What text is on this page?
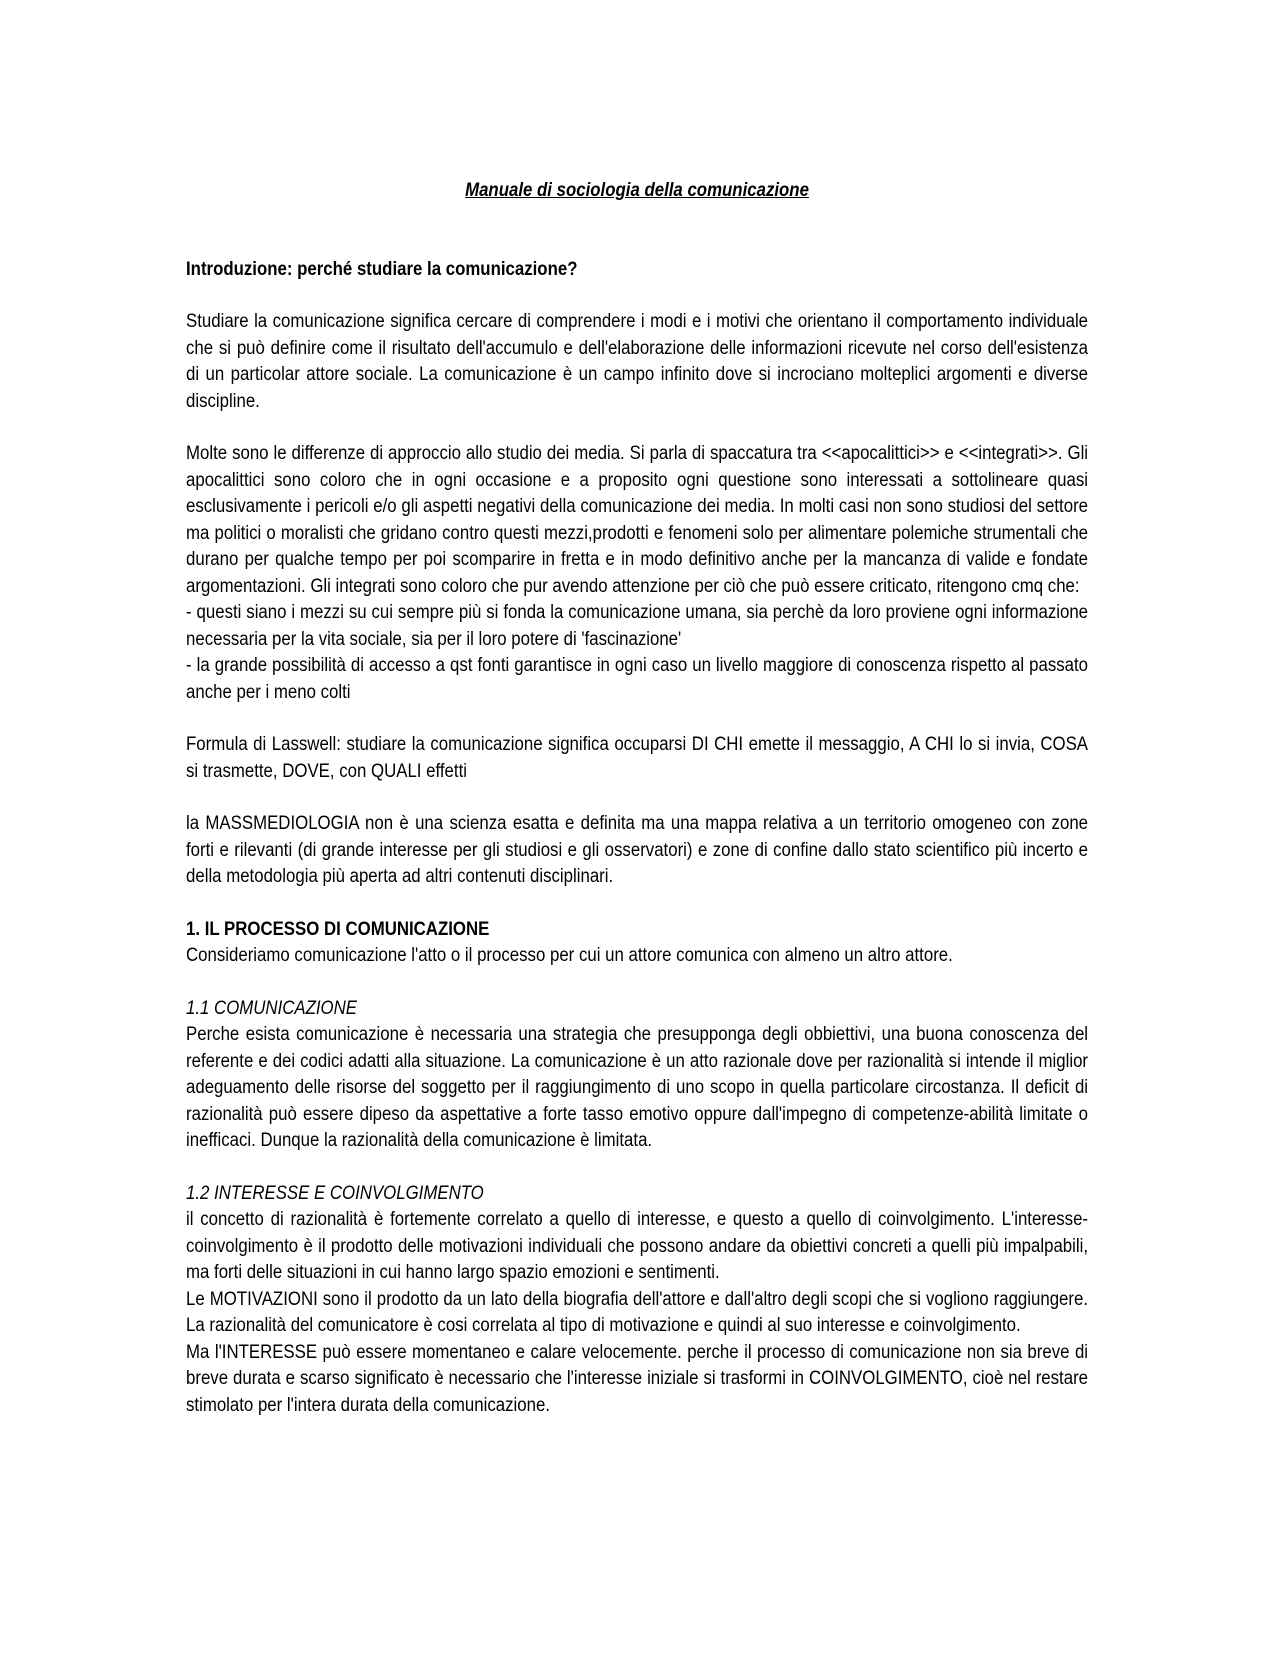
Manuale di sociologia della comunicazione
Introduzione: perché studiare la comunicazione?

Studiare la comunicazione significa cercare di comprendere i modi e i motivi che orientano il comportamento individuale che si può definire come il risultato dell'accumulo e dell'elaborazione delle informazioni ricevute nel corso dell'esistenza di un particolar attore sociale. La comunicazione è un campo infinito dove si incrociano molteplici argomenti e diverse discipline.

Molte sono le differenze di approccio allo studio dei media. Si parla di spaccatura tra <<apocalittici>> e <<integrati>>. Gli apocalittici sono coloro che in ogni occasione e a proposito ogni questione sono interessati a sottolineare quasi esclusivamente i pericoli e/o gli aspetti negativi della comunicazione dei media. In molti casi non sono studiosi del settore ma politici o moralisti che gridano contro questi mezzi,prodotti e fenomeni solo per alimentare polemiche strumentali che durano per qualche tempo per poi scomparire in fretta e in modo definitivo anche per la mancanza di valide e fondate argomentazioni. Gli integrati sono coloro che pur avendo attenzione per ciò che può essere criticato, ritengono cmq che:

- questi siano i mezzi su cui sempre più si fonda la comunicazione umana, sia perchè da loro proviene ogni informazione necessaria per la vita sociale, sia per il loro potere di 'fascinazione'

- la grande possibilità di accesso a qst fonti garantisce in ogni caso un livello maggiore di conoscenza rispetto al passato anche per i meno colti

Formula di Lasswell: studiare la comunicazione significa occuparsi DI CHI emette il messaggio, A CHI lo si invia, COSA si trasmette, DOVE, con QUALI effetti

la MASSMEDIOLOGIA non è una scienza esatta e definita ma una mappa relativa a un territorio omogeneo con zone forti e rilevanti (di grande interesse per gli studiosi e gli osservatori) e zone di confine dallo stato scientifico più incerto e della metodologia più aperta ad altri contenuti disciplinari.

1. IL PROCESSO DI COMUNICAZIONE

Consideriamo comunicazione l'atto o il processo per cui un attore comunica con almeno un altro attore.

1.1 COMUNICAZIONE

Perche esista comunicazione è necessaria una strategia che presupponga degli obbiettivi, una buona conoscenza del referente e dei codici adatti alla situazione. La comunicazione è un atto razionale dove per razionalità si intende il miglior adeguamento delle risorse del soggetto per il raggiungimento di uno scopo in quella particolare circostanza. Il deficit di razionalità può essere dipeso da aspettative a forte tasso emotivo oppure dall'impegno di competenze-abilità limitate o inefficaci. Dunque la razionalità della comunicazione è limitata.

1.2 INTERESSE E COINVOLGIMENTO

il concetto di razionalità è fortemente correlato a quello di interesse, e questo a quello di coinvolgimento. L'interesse-coinvolgimento è il prodotto delle motivazioni individuali che possono andare da obiettivi concreti a quelli più impalpabili, ma forti delle situazioni in cui hanno largo spazio emozioni e sentimenti.

Le MOTIVAZIONI sono il prodotto da un lato della biografia dell'attore e dall'altro degli scopi che si vogliono raggiungere. La razionalità del comunicatore è cosi correlata al tipo di motivazione e quindi al suo interesse e coinvolgimento.

Ma l'INTERESSE può essere momentaneo e calare velocemente. perche il processo di comunicazione non sia breve di breve durata e scarso significato è necessario che l'interesse iniziale si trasformi in COINVOLGIMENTO, cioè nel restare stimolato per l'intera durata della comunicazione.
